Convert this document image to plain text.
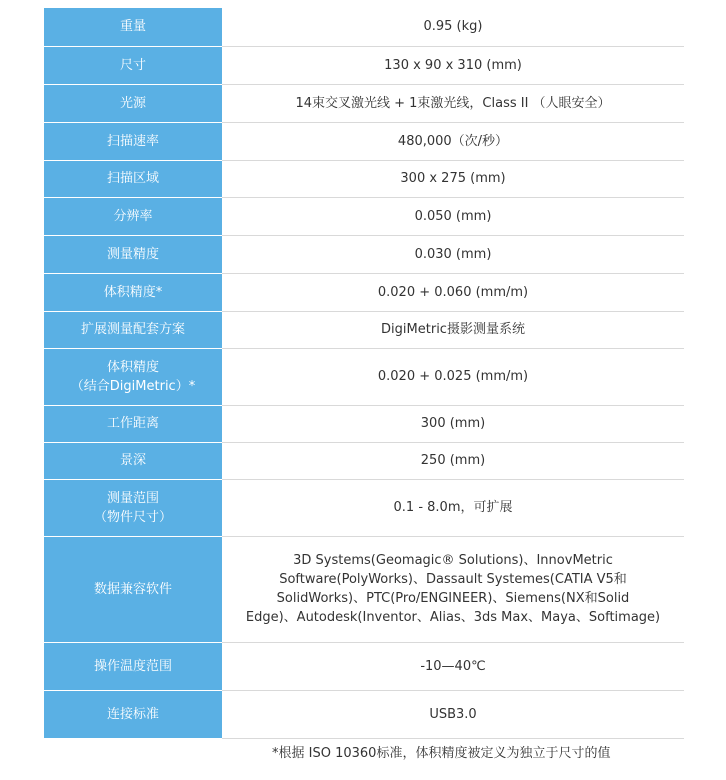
重量	0.95 (kg)

尺寸	130 x 90 x 310 (mm)

光源	14束交叉激光线 + 1束激光线，Class II （人眼安全）

扫描速率	480,000（次/秒）

扫描区域	300 x 275 (mm)

分辨率	0.050 (mm)

测量精度	0.030 (mm)

体积精度*	0.020 + 0.060 (mm/m)

扩展测量配套方案	DigiMetric摄影测量系统

体积精度
（结合DigiMetric）*	0.020 + 0.025 (mm/m)

工作距离	300 (mm)

景深	250 (mm)

测量范围
（物件尺寸）	0.1 - 8.0m，可扩展

数据兼容软件	3D Systems(Geomagic® Solutions)、InnovMetric
Software(PolyWorks)、Dassault Systemes(CATIA V5和
SolidWorks)、PTC(Pro/ENGINEER)、Siemens(NX和Solid
Edge)、Autodesk(Inventor、Alias、3ds Max、Maya、Softimage)

操作温度范围	-10—40℃

连接标准	USB3.0
*根据 ISO 10360标准，体积精度被定义为独立于尺寸的值
